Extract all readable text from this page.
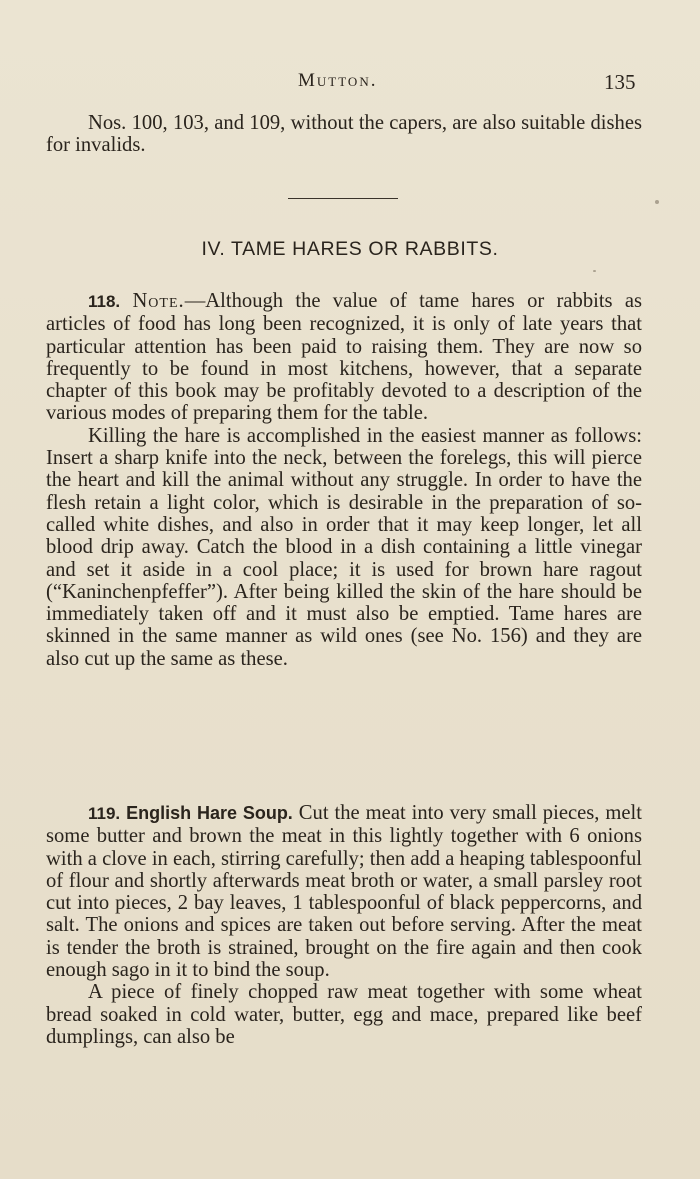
Mutton.	135

Nos. 100, 103, and 109, without the capers, are also suitable dishes for invalids.

IV. TAME HARES OR RABBITS.

118. Note.—Although the value of tame hares or rabbits as articles of food has long been recognized, it is only of late years that particular attention has been paid to raising them. They are now so frequently to be found in most kitchens, however, that a separate chapter of this book may be profitably devoted to a description of the various modes of preparing them for the table.

Killing the hare is accomplished in the easiest manner as follows: Insert a sharp knife into the neck, between the forelegs, this will pierce the heart and kill the animal without any struggle. In order to have the flesh retain a light color, which is desirable in the preparation of so-called white dishes, and also in order that it may keep longer, let all blood drip away. Catch the blood in a dish containing a little vinegar and set it aside in a cool place; it is used for brown hare ragout (“Kaninchenpfeffer”). After being killed the skin of the hare should be immediately taken off and it must also be emptied. Tame hares are skinned in the same manner as wild ones (see No. 156) and they are also cut up the same as these.

119. English Hare Soup. Cut the meat into very small pieces, melt some butter and brown the meat in this lightly together with 6 onions with a clove in each, stirring carefully; then add a heaping tablespoonful of flour and shortly afterwards meat broth or water, a small parsley root cut into pieces, 2 bay leaves, 1 tablespoonful of black peppercorns, and salt. The onions and spices are taken out before serving. After the meat is tender the broth is strained, brought on the fire again and then cook enough sago in it to bind the soup.

A piece of finely chopped raw meat together with some wheat bread soaked in cold water, butter, egg and mace, prepared like beef dumplings, can also be
